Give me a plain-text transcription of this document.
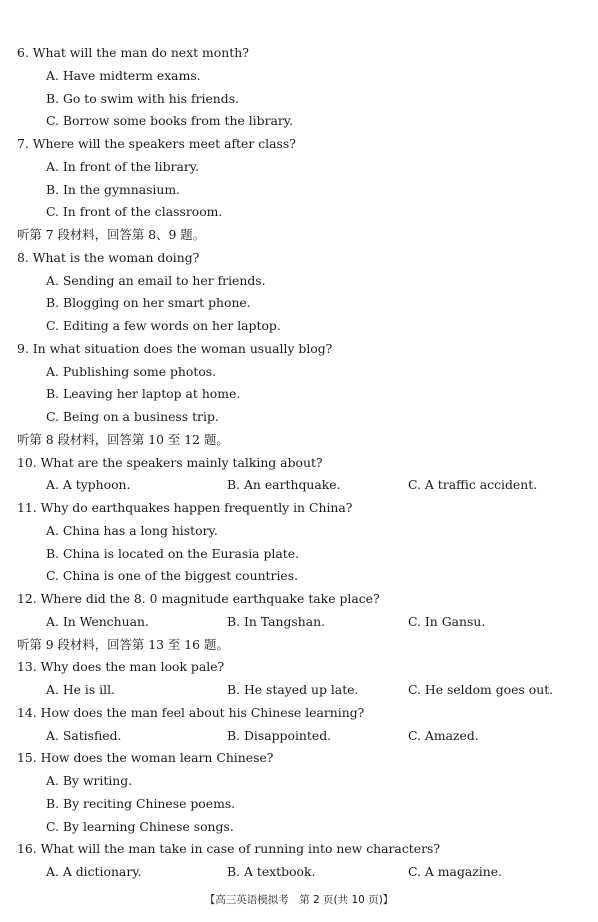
6. What will the man do next month?
A. Have midterm exams.
B. Go to swim with his friends.
C. Borrow some books from the library.
7. Where will the speakers meet after class?
A. In front of the library.
B. In the gymnasium.
C. In front of the classroom.
听第 7 段材料，回答第 8、9 题。
8. What is the woman doing?
A. Sending an email to her friends.
B. Blogging on her smart phone.
C. Editing a few words on her laptop.
9. In what situation does the woman usually blog?
A. Publishing some photos.
B. Leaving her laptop at home.
C. Being on a business trip.
听第 8 段材料，回答第 10 至 12 题。
10. What are the speakers mainly talking about?
A. A typhoon.	B. An earthquake.	C. A traffic accident.
11. Why do earthquakes happen frequently in China?
A. China has a long history.
B. China is located on the Eurasia plate.
C. China is one of the biggest countries.
12. Where did the 8. 0 magnitude earthquake take place?
A. In Wenchuan.	B. In Tangshan.	C. In Gansu.
听第 9 段材料，回答第 13 至 16 题。
13. Why does the man look pale?
A. He is ill.	B. He stayed up late.	C. He seldom goes out.
14. How does the man feel about his Chinese learning?
A. Satisfied.	B. Disappointed.	C. Amazed.
15. How does the woman learn Chinese?
A. By writing.
B. By reciting Chinese poems.
C. By learning Chinese songs.
16. What will the man take in case of running into new characters?
A. A dictionary.	B. A textbook.	C. A magazine.
【高三英语模拟考　第 2 页(共 10 页)】
